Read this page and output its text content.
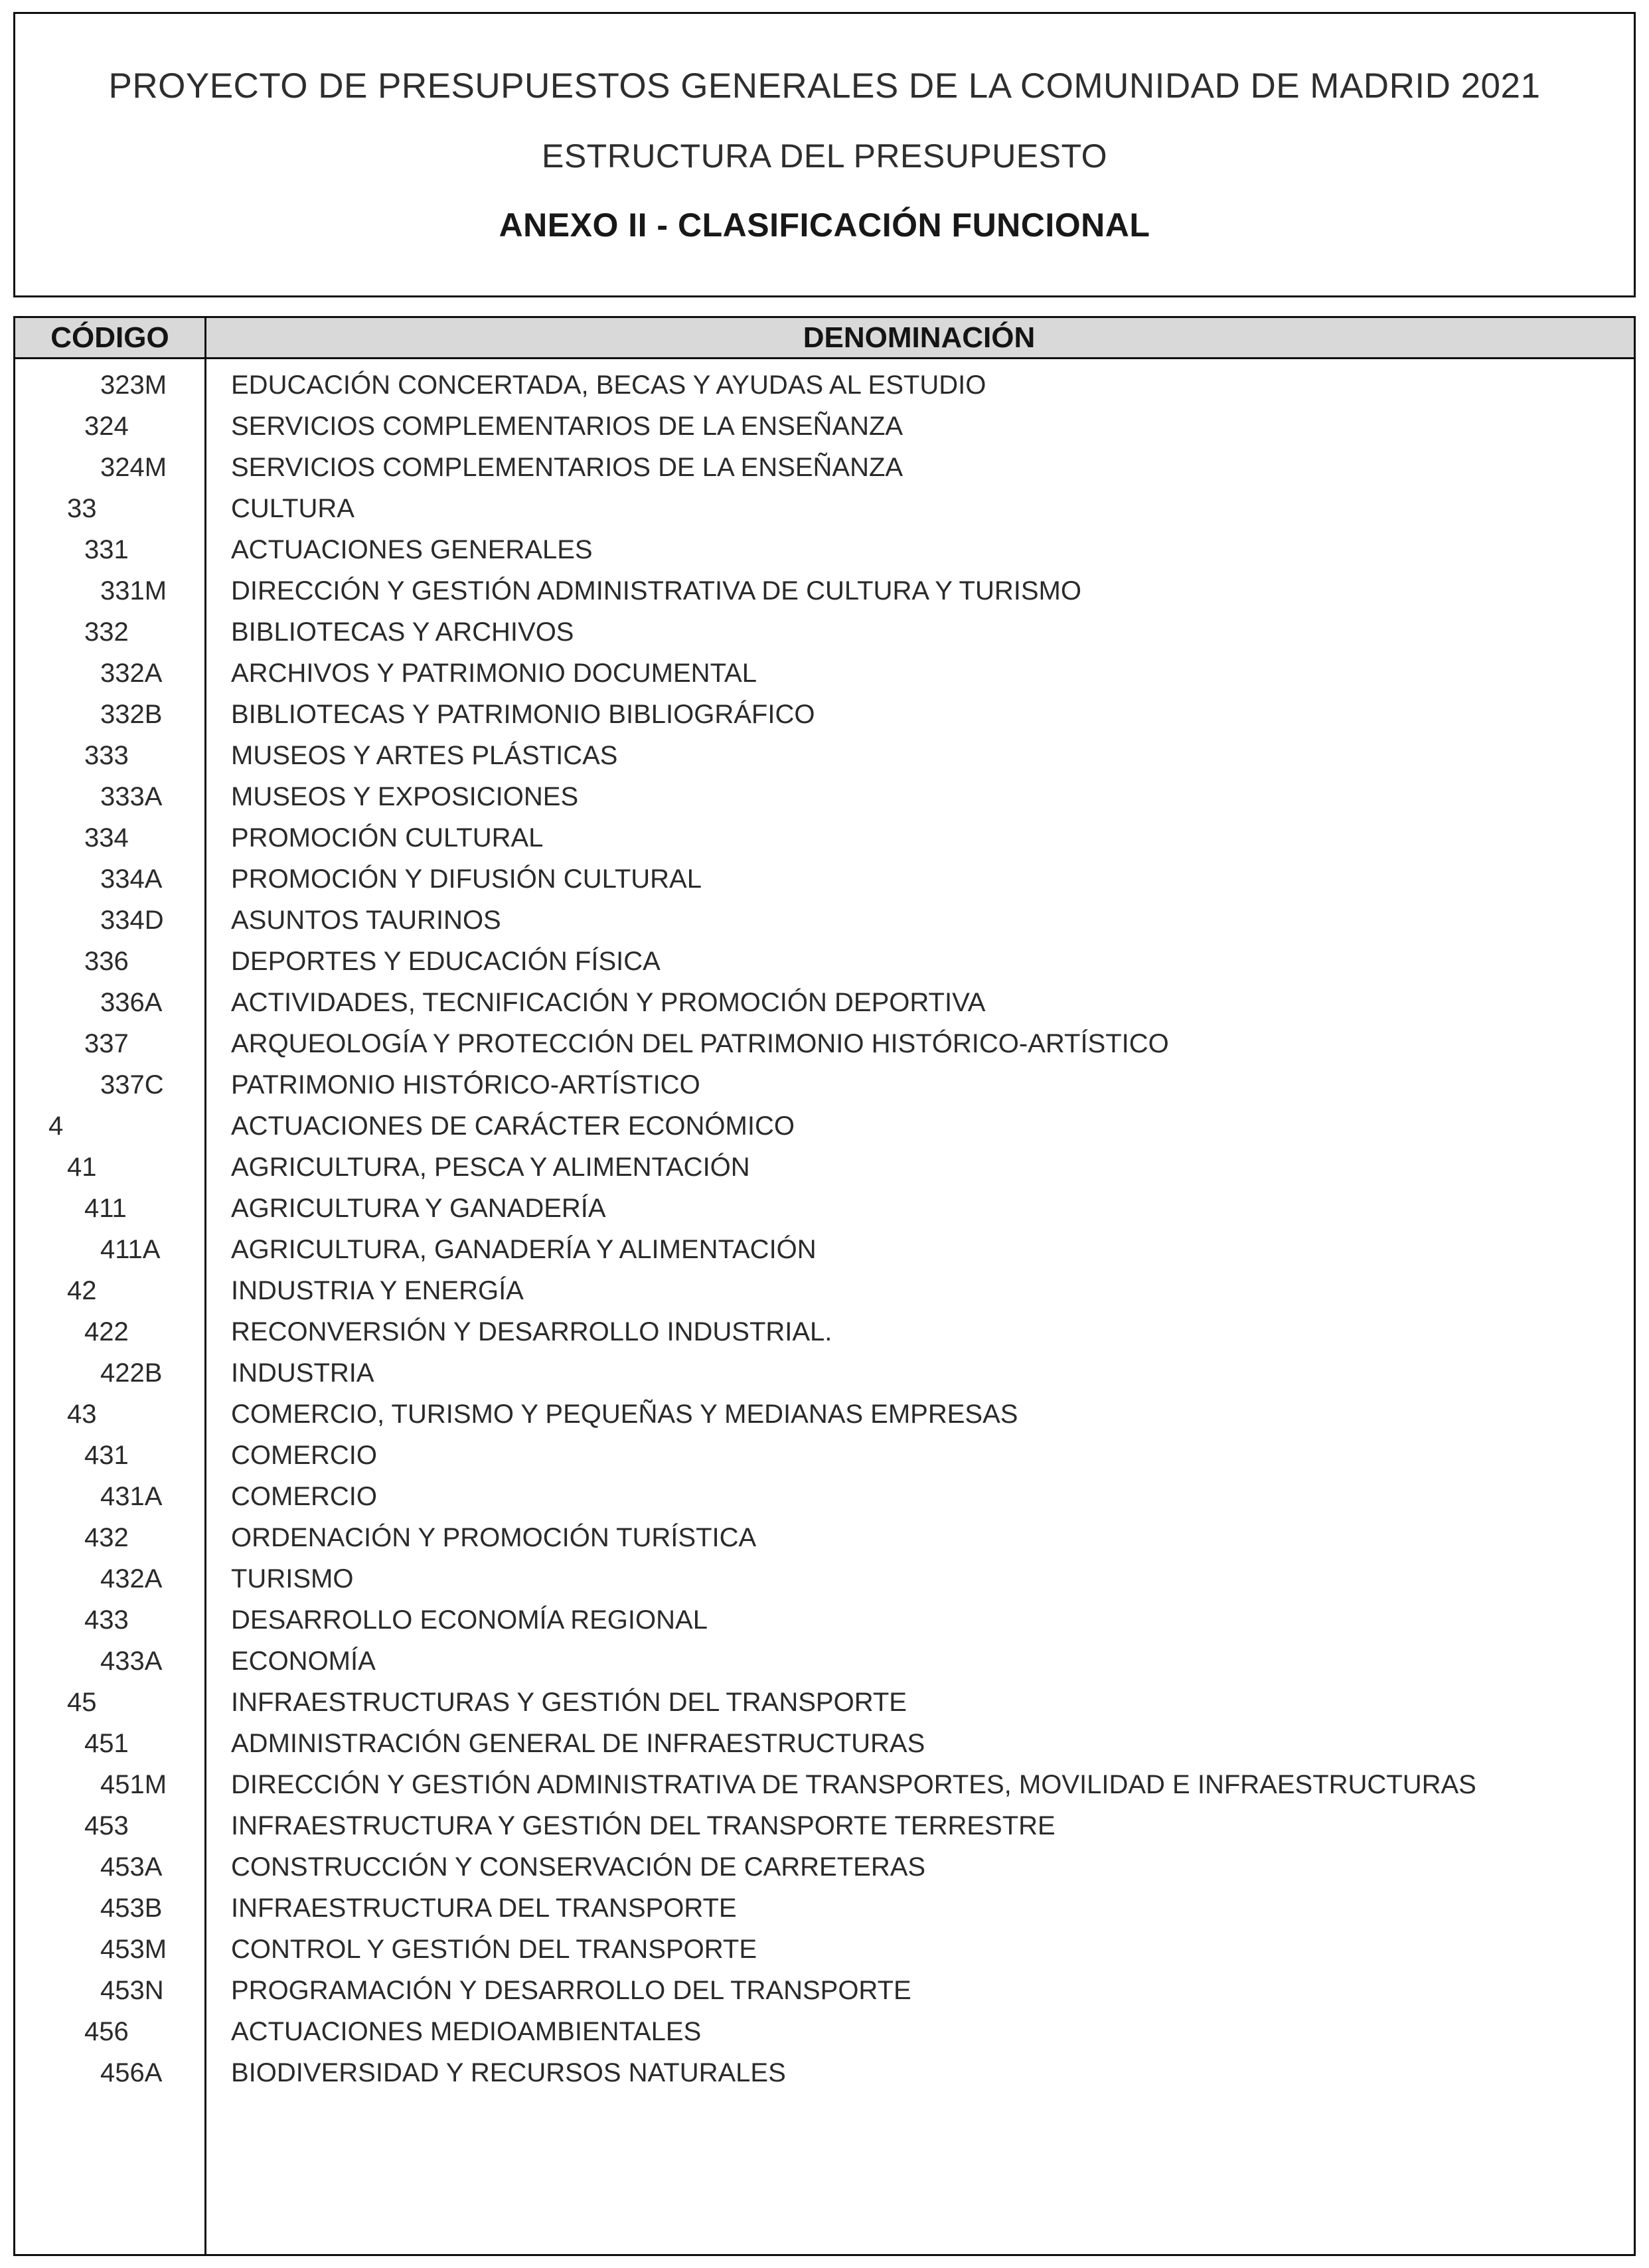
PROYECTO DE PRESUPUESTOS GENERALES DE LA COMUNIDAD DE MADRID 2021
ESTRUCTURA DEL PRESUPUESTO
ANEXO II - CLASIFICACIÓN FUNCIONAL
CÓDIGO	DENOMINACIÓN
323M	EDUCACIÓN CONCERTADA, BECAS Y AYUDAS AL ESTUDIO
324	SERVICIOS COMPLEMENTARIOS DE LA ENSEÑANZA
324M	SERVICIOS COMPLEMENTARIOS DE LA ENSEÑANZA
33	CULTURA
331	ACTUACIONES GENERALES
331M	DIRECCIÓN Y GESTIÓN ADMINISTRATIVA DE CULTURA Y TURISMO
332	BIBLIOTECAS Y ARCHIVOS
332A	ARCHIVOS Y PATRIMONIO DOCUMENTAL
332B	BIBLIOTECAS Y PATRIMONIO BIBLIOGRÁFICO
333	MUSEOS Y ARTES PLÁSTICAS
333A	MUSEOS Y EXPOSICIONES
334	PROMOCIÓN CULTURAL
334A	PROMOCIÓN Y DIFUSIÓN CULTURAL
334D	ASUNTOS TAURINOS
336	DEPORTES Y EDUCACIÓN FÍSICA
336A	ACTIVIDADES, TECNIFICACIÓN Y PROMOCIÓN DEPORTIVA
337	ARQUEOLOGÍA Y PROTECCIÓN DEL PATRIMONIO HISTÓRICO-ARTÍSTICO
337C	PATRIMONIO HISTÓRICO-ARTÍSTICO
4	ACTUACIONES DE CARÁCTER ECONÓMICO
41	AGRICULTURA, PESCA Y ALIMENTACIÓN
411	AGRICULTURA Y GANADERÍA
411A	AGRICULTURA, GANADERÍA Y ALIMENTACIÓN
42	INDUSTRIA Y ENERGÍA
422	RECONVERSIÓN Y DESARROLLO INDUSTRIAL.
422B	INDUSTRIA
43	COMERCIO, TURISMO Y PEQUEÑAS Y MEDIANAS EMPRESAS
431	COMERCIO
431A	COMERCIO
432	ORDENACIÓN Y PROMOCIÓN TURÍSTICA
432A	TURISMO
433	DESARROLLO ECONOMÍA REGIONAL
433A	ECONOMÍA
45	INFRAESTRUCTURAS Y GESTIÓN DEL TRANSPORTE
451	ADMINISTRACIÓN GENERAL DE INFRAESTRUCTURAS
451M	DIRECCIÓN Y GESTIÓN ADMINISTRATIVA DE TRANSPORTES, MOVILIDAD E INFRAESTRUCTURAS
453	INFRAESTRUCTURA Y GESTIÓN DEL TRANSPORTE TERRESTRE
453A	CONSTRUCCIÓN Y CONSERVACIÓN DE CARRETERAS
453B	INFRAESTRUCTURA DEL TRANSPORTE
453M	CONTROL Y GESTIÓN DEL TRANSPORTE
453N	PROGRAMACIÓN Y DESARROLLO DEL TRANSPORTE
456	ACTUACIONES MEDIOAMBIENTALES
456A	BIODIVERSIDAD Y RECURSOS NATURALES
